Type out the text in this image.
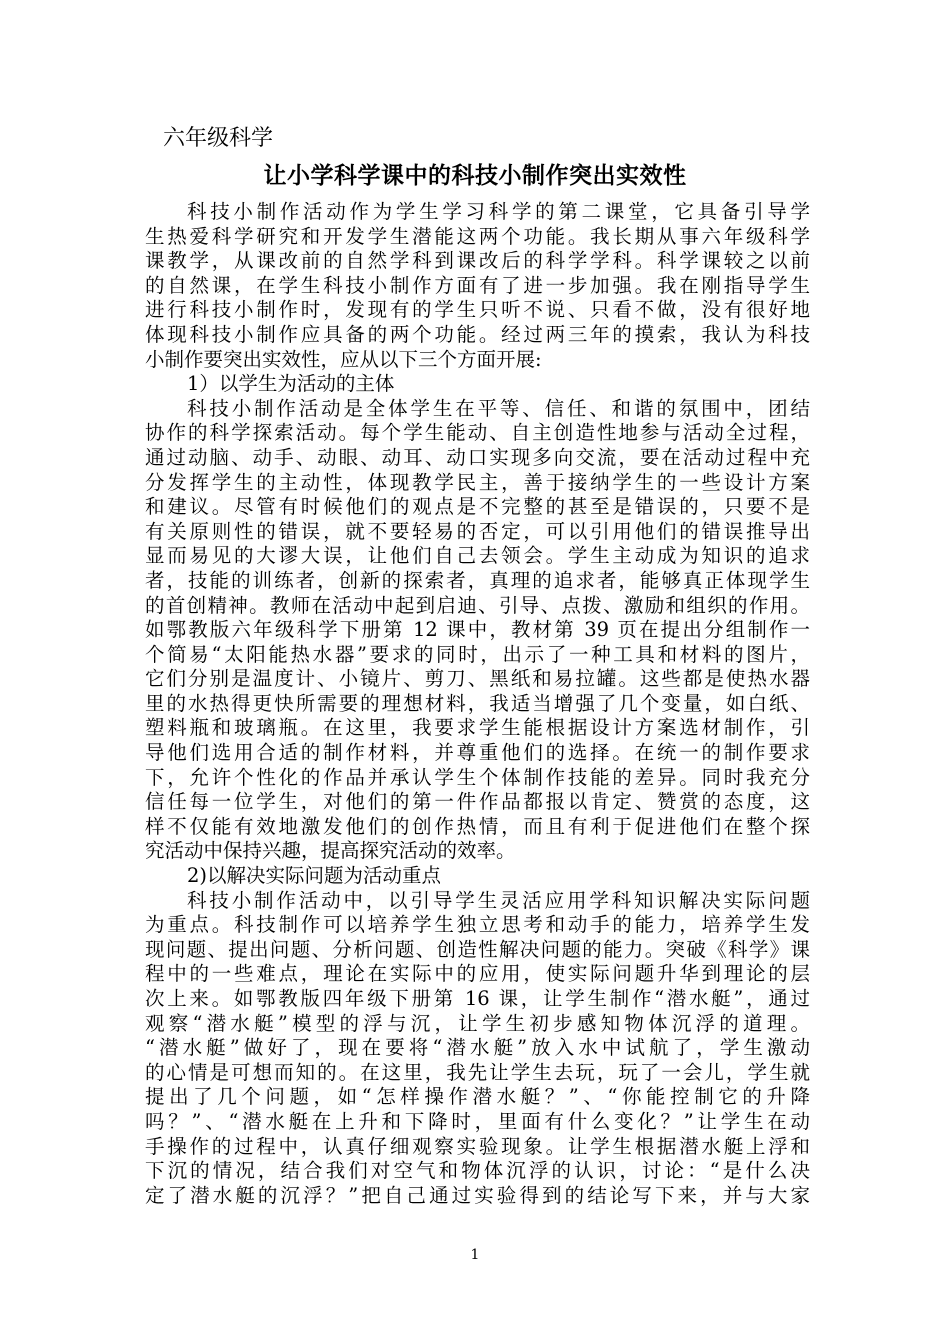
六年级科学
让小学科学课中的科技小制作突出实效性
科技小制作活动作为学生学习科学的第二课堂，它具备引导学
生热爱科学研究和开发学生潜能这两个功能。我长期从事六年级科学
课教学，从课改前的自然学科到课改后的科学学科。科学课较之以前
的自然课，在学生科技小制作方面有了进一步加强。我在刚指导学生
进行科技小制作时，发现有的学生只听不说、只看不做，没有很好地
体现科技小制作应具备的两个功能。经过两三年的摸索，我认为科技
小制作要突出实效性，应从以下三个方面开展:
1）以学生为活动的主体
科技小制作活动是全体学生在平等、信任、和谐的氛围中，团结
协作的科学探索活动。每个学生能动、自主创造性地参与活动全过程，
通过动脑、动手、动眼、动耳、动口实现多向交流，要在活动过程中充
分发挥学生的主动性，体现教学民主，善于接纳学生的一些设计方案
和建议。尽管有时候他们的观点是不完整的甚至是错误的，只要不是
有关原则性的错误，就不要轻易的否定，可以引用他们的错误推导出
显而易见的大谬大误，让他们自己去领会。学生主动成为知识的追求
者，技能的训练者，创新的探索者，真理的追求者，能够真正体现学生
的首创精神。教师在活动中起到启迪、引导、点拨、激励和组织的作用。
如鄂教版六年级科学下册第 12 课中，教材第 39 页在提出分组制作一
个简易“太阳能热水器”要求的同时，出示了一种工具和材料的图片，
它们分别是温度计、小镜片、剪刀、黑纸和易拉罐。这些都是使热水器
里的水热得更快所需要的理想材料，我适当增强了几个变量，如白纸、
塑料瓶和玻璃瓶。在这里，我要求学生能根据设计方案选材制作，引
导他们选用合适的制作材料，并尊重他们的选择。在统一的制作要求
下，允许个性化的作品并承认学生个体制作技能的差异。同时我充分
信任每一位学生，对他们的第一件作品都报以肯定、赞赏的态度，这
样不仅能有效地激发他们的创作热情，而且有利于促进他们在整个探
究活动中保持兴趣，提高探究活动的效率。
2)以解决实际问题为活动重点
科技小制作活动中，以引导学生灵活应用学科知识解决实际问题
为重点。科技制作可以培养学生独立思考和动手的能力，培养学生发
现问题、提出问题、分析问题、创造性解决问题的能力。突破《科学》课
程中的一些难点，理论在实际中的应用，使实际问题升华到理论的层
次上来。如鄂教版四年级下册第 16 课，让学生制作“潜水艇”，通过
观察“潜水艇”模型的浮与沉，让学生初步感知物体沉浮的道理。
“潜水艇”做好了，现在要将“潜水艇”放入水中试航了，学生激动
的心情是可想而知的。在这里，我先让学生去玩，玩了一会儿，学生就
提出了几个问题，如“怎样操作潜水艇？”、“你能控制它的升降
吗？”、“潜水艇在上升和下降时，里面有什么变化？”让学生在动
手操作的过程中，认真仔细观察实验现象。让学生根据潜水艇上浮和
下沉的情况，结合我们对空气和物体沉浮的认识，讨论：“是什么决
定了潜水艇的沉浮？”把自己通过实验得到的结论写下来，并与大家
1
